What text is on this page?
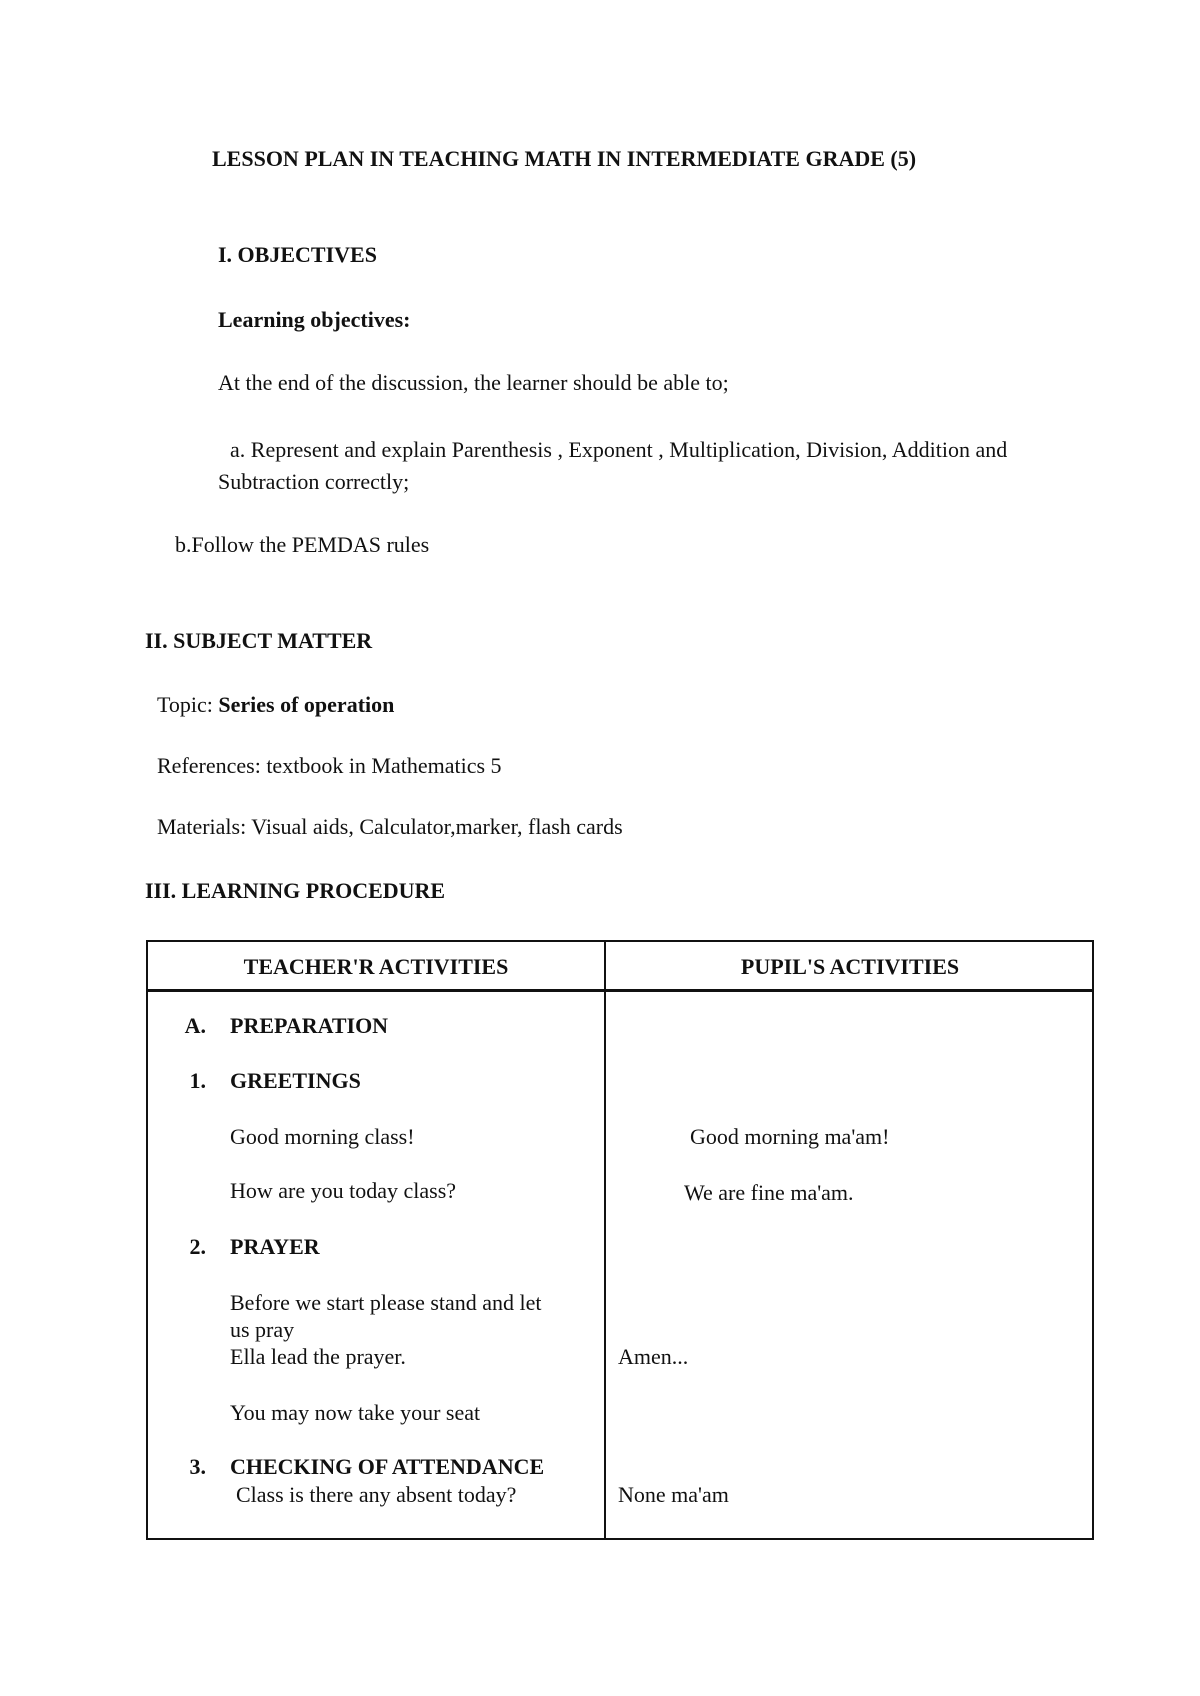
LESSON PLAN IN TEACHING MATH IN INTERMEDIATE GRADE (5)
I. OBJECTIVES
Learning objectives:
At the end of the discussion, the learner should be able to;
a. Represent and explain Parenthesis , Exponent , Multiplication, Division, Addition and Subtraction correctly;
b.Follow the PEMDAS rules
II. SUBJECT MATTER
Topic: Series of operation
References: textbook in Mathematics 5
Materials: Visual aids, Calculator,marker, flash cards
III. LEARNING PROCEDURE
TEACHER'R ACTIVITIES	PUPIL'S ACTIVITIES
A. PREPARATION
1. GREETINGS
Good morning class!	Good morning ma'am!
How are you today class?	We are fine ma'am.
2. PRAYER
Before we start please stand and let
us pray
Ella lead the prayer.	Amen...
You may now take your seat
3. CHECKING OF ATTENDANCE
Class is there any absent today?	None ma'am
